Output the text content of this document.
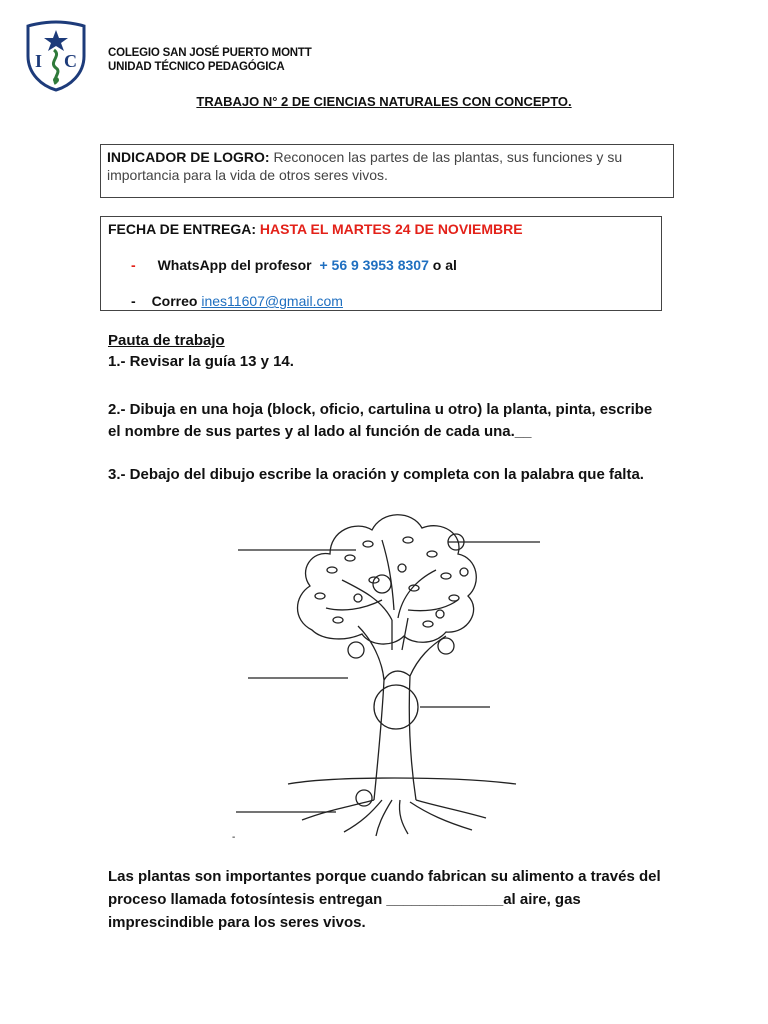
I C	COLEGIO SAN JOSÉ PUERTO MONTT
UNIDAD TÉCNICO PEDAGÓGICA
TRABAJO N° 2 DE CIENCIAS NATURALES CON CONCEPTO.
INDICADOR DE LOGRO: Reconocen las partes de las plantas, sus funciones y su importancia para la vida de otros seres vivos.
FECHA DE ENTREGA: HASTA EL MARTES 24 DE NOVIEMBRE
- WhatsApp del profesor + 56 9 3953 8307 o al
- Correo ines11607@gmail.com
Pauta de trabajo
1.- Revisar la guía 13 y 14.
2.- Dibuja en una hoja (block, oficio, cartulina u otro) la planta, pinta, escribe el nombre de sus partes y al lado al función de cada una.__
3.- Debajo del dibujo escribe la oración y completa con la palabra que falta.
-
Las plantas son importantes porque cuando fabrican su alimento a través del proceso llamada fotosíntesis entregan ______________al aire, gas imprescindible para los seres vivos.
